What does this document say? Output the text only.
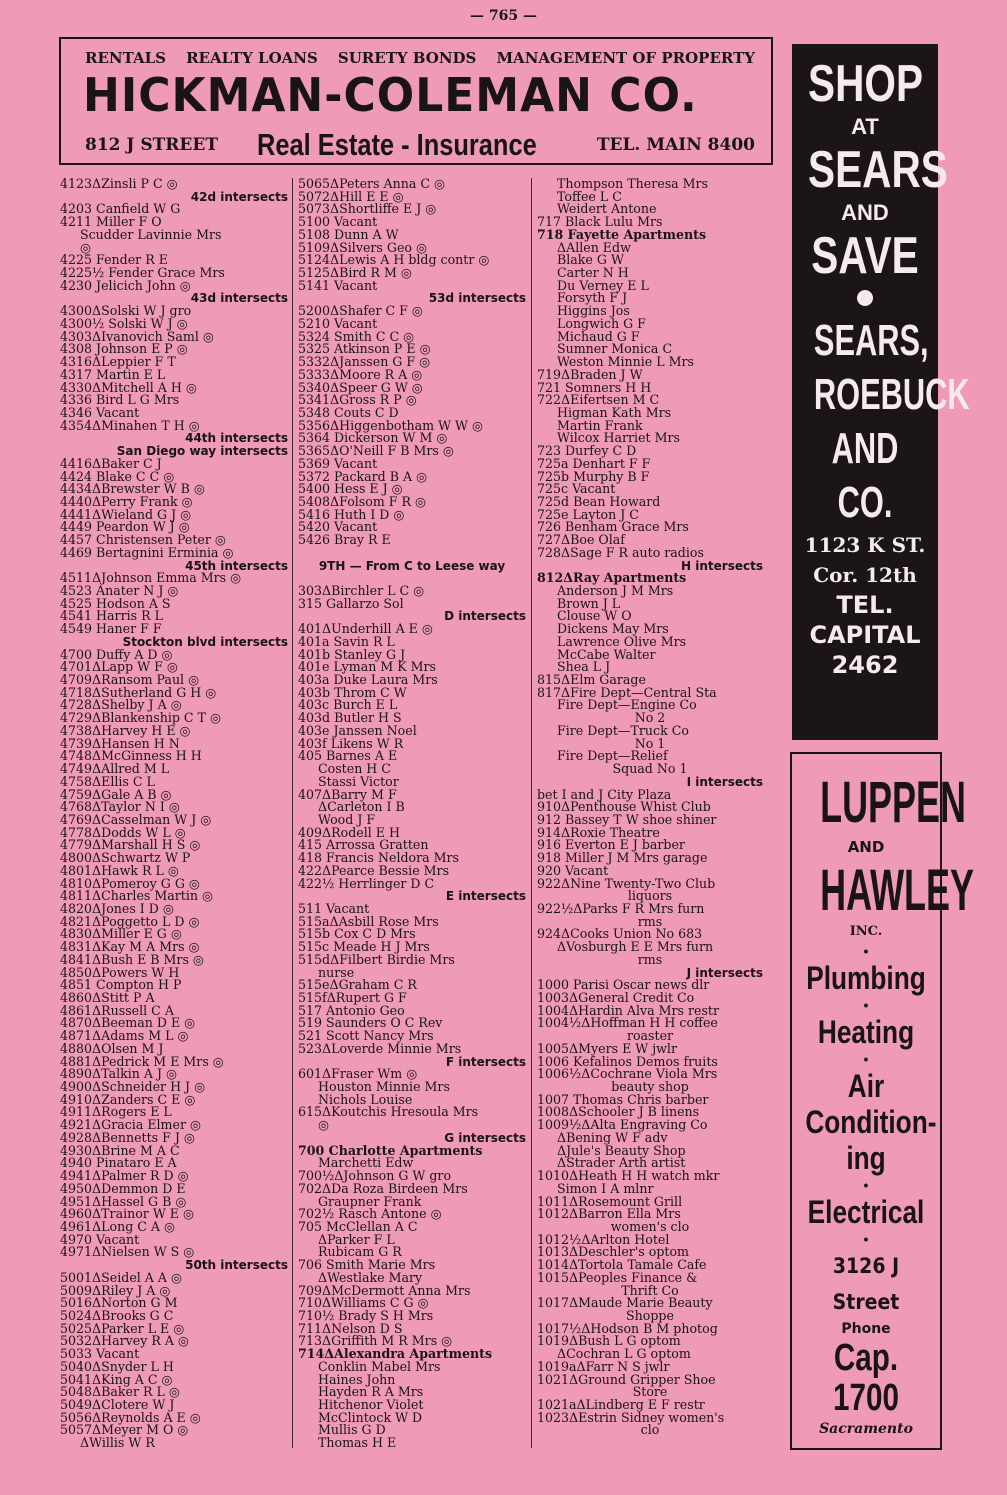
— 765 —
RENTALS REALTY LOANS SURETY BONDS MANAGEMENT OF PROPERTY
HICKMAN-COLEMAN CO.
812 J STREET Real Estate - Insurance	TEL. MAIN 8400
4123ΔZinsli P C ◎
42d intersects
4203 Canfield W G
4211 Miller F O
Scudder Lavinnie Mrs
◎
4225 Fender R E
4225½ Fender Grace Mrs
4230 Jelicich John ◎
43d intersects
4300ΔSolski W J gro
4300½ Solski W J ◎
4303ΔIvanovich Saml ◎
4308 Johnson E P ◎
4316ΔLeppier F T
4317 Martin E L
4330ΔMitchell A H ◎
4336 Bird L G Mrs
4346 Vacant
4354ΔMinahen T H ◎
44th intersects
San Diego way intersects
4416ΔBaker C J
4424 Blake C C ◎
4434ΔBrewster W B ◎
4440ΔPerry Frank ◎
4441ΔWieland G J ◎
4449 Peardon W J ◎
4457 Christensen Peter ◎
4469 Bertagnini Erminia ◎
45th intersects
4511ΔJohnson Emma Mrs ◎
4523 Anater N J ◎
4525 Hodson A S
4541 Harris R L
4549 Haner F F
Stockton blvd intersects
4700 Duffy A D ◎
4701ΔLapp W F ◎
4709ΔRansom Paul ◎
4718ΔSutherland G H ◎
4728ΔShelby J A ◎
4729ΔBlankenship C T ◎
4738ΔHarvey H E ◎
4739ΔHansen H N
4748ΔMcGinness H H
4749ΔAllred M L
4758ΔEllis C L
4759ΔGale A B ◎
4768ΔTaylor N I ◎
4769ΔCasselman W J ◎
4778ΔDodds W L ◎
4779ΔMarshall H S ◎
4800ΔSchwartz W P
4801ΔHawk R L ◎
4810ΔPomeroy G G ◎
4811ΔCharles Martin ◎
4820ΔJones I D ◎
4821ΔPoggetto L D ◎
4830ΔMiller E G ◎
4831ΔKay M A Mrs ◎
4841ΔBush E B Mrs ◎
4850ΔPowers W H
4851 Compton H P
4860ΔStitt P A
4861ΔRussell C A
4870ΔBeeman D E ◎
4871ΔAdams M L ◎
4880ΔOlsen M J
4881ΔPedrick M E Mrs ◎
4890ΔTalkin A J ◎
4900ΔSchneider H J ◎
4910ΔZanders C E ◎
4911ΔRogers E L
4921ΔGracia Elmer ◎
4928ΔBennetts F J ◎
4930ΔBrine M A C
4940 Pinataro E A
4941ΔPalmer R D ◎
4950ΔDemmon D E
4951ΔHassel G B ◎
4960ΔTrainor W E ◎
4961ΔLong C A ◎
4970 Vacant
4971ΔNielsen W S ◎
50th intersects
5001ΔSeidel A A ◎
5009ΔRiley J A ◎
5016ΔNorton G M
5024ΔBrooks G C
5025ΔParker L E ◎
5032ΔHarvey R A ◎
5033 Vacant
5040ΔSnyder L H
5041ΔKing A C ◎
5048ΔBaker R L ◎
5049ΔClotere W J
5056ΔReynolds A E ◎
5057ΔMeyer M O ◎
ΔWillis W R
5065ΔPeters Anna C ◎
5072ΔHill E E ◎
5073ΔShortliffe E J ◎
5100 Vacant
5108 Dunn A W
5109ΔSilvers Geo ◎
5124ΔLewis A H bldg contr ◎
5125ΔBird R M ◎
5141 Vacant
53d intersects
5200ΔShafer C F ◎
5210 Vacant
5324 Smith C C ◎
5325 Atkinson P E ◎
5332ΔJanssen G F ◎
5333ΔMoore R A ◎
5340ΔSpeer G W ◎
5341ΔGross R P ◎
5348 Couts C D
5356ΔHiggenbotham W W ◎
5364 Dickerson W M ◎
5365ΔO'Neill F B Mrs ◎
5369 Vacant
5372 Packard B A ◎
5400 Hess E J ◎
5408ΔFolsom F R ◎
5416 Huth I D ◎
5420 Vacant
5426 Bray R E
9TH — From C to Leese way
303ΔBirchler L C ◎
315 Gallarzo Sol
D intersects
401ΔUnderhill A E ◎
401a Savin R L
401b Stanley G J
401e Lyman M K Mrs
403a Duke Laura Mrs
403b Throm C W
403c Burch E L
403d Butler H S
403e Janssen Noel
403f Likens W R
405 Barnes A E
Costen H C
Stassi Victor
407ΔBarry M F
ΔCarleton I B
Wood J F
409ΔRodell E H
415 Arrossa Gratten
418 Francis Neldora Mrs
422ΔPearce Bessie Mrs
422½ Herrlinger D C
E intersects
511 Vacant
515aΔAsbill Rose Mrs
515b Cox C D Mrs
515c Meade H J Mrs
515dΔFilbert Birdie Mrs
nurse
515eΔGraham C R
515fΔRupert G F
517 Antonio Geo
519 Saunders O C Rev
521 Scott Nancy Mrs
523ΔLoverde Minnie Mrs
F intersects
601ΔFraser Wm ◎
Houston Minnie Mrs
Nichols Louise
615ΔKoutchis Hresoula Mrs
◎
G intersects
700 Charlotte Apartments
Marchetti Edw
700½ΔJohnson G W gro
702ΔDa Roza Birdeen Mrs
Graupner Frank
702½ Rasch Antone ◎
705 McClellan A C
ΔParker F L
Rubicam G R
706 Smith Marie Mrs
ΔWestlake Mary
709ΔMcDermott Anna Mrs
710ΔWilliams C G ◎
710½ Brady S H Mrs
711ΔNelson D S
713ΔGriffith M R Mrs ◎
714ΔAlexandra Apartments
Conklin Mabel Mrs
Haines John
Hayden R A Mrs
Hitchenor Violet
McClintock W D
Mullis G D
Thomas H E
Thompson Theresa Mrs
Toffee L C
Weidert Antone
717 Black Lulu Mrs
718 Fayette Apartments
ΔAllen Edw
Blake G W
Carter N H
Du Verney E L
Forsyth F J
Higgins Jos
Longwich G F
Michaud G F
Sumner Monica C
Weston Minnie L Mrs
719ΔBraden J W
721 Somners H H
722ΔEifertsen M C
Higman Kath Mrs
Martin Frank
Wilcox Harriet Mrs
723 Durfey C D
725a Denhart F F
725b Murphy B F
725c Vacant
725d Bean Howard
725e Layton J C
726 Benham Grace Mrs
727ΔBoe Olaf
728ΔSage F R auto radios
H intersects
812ΔRay Apartments
Anderson J M Mrs
Brown J L
Clouse W O
Dickens May Mrs
Lawrence Olive Mrs
McCabe Walter
Shea L J
815ΔElm Garage
817ΔFire Dept—Central Sta
Fire Dept—Engine Co
No 2
Fire Dept—Truck Co
No 1
Fire Dept—Relief
Squad No 1
I intersects
bet I and J City Plaza
910ΔPenthouse Whist Club
912 Bassey T W shoe shiner
914ΔRoxie Theatre
916 Everton E J barber
918 Miller J M Mrs garage
920 Vacant
922ΔNine Twenty-Two Club
liquors
922½ΔParks F R Mrs furn
rms
924ΔCooks Union No 683
ΔVosburgh E E Mrs furn
rms
J intersects
1000 Parisi Oscar news dlr
1003ΔGeneral Credit Co
1004ΔHardin Alva Mrs restr
1004½ΔHoffman H H coffee
roaster
1005ΔMyers E W jwlr
1006 Kefalinos Demos fruits
1006½ΔCochrane Viola Mrs
beauty shop
1007 Thomas Chris barber
1008ΔSchooler J B linens
1009½ΔAlta Engraving Co
ΔBening W F adv
ΔJule's Beauty Shop
ΔStrader Arth artist
1010ΔHeath H H watch mkr
Simon I A mlnr
1011ΔRosemount Grill
1012ΔBarron Ella Mrs
women's clo
1012½ΔArlton Hotel
1013ΔDeschler's optom
1014ΔTortola Tamale Cafe
1015ΔPeoples Finance &
Thrift Co
1017ΔMaude Marie Beauty
Shoppe
1017½ΔHodson B M photog
1019ΔBush L G optom
ΔCochran L G optom
1019aΔFarr N S jwlr
1021ΔGround Gripper Shoe
Store
1021aΔLindberg E F restr
1023ΔEstrin Sidney women's
clo
SHOP
AT
SEARS
AND
SAVE
SEARS,
ROEBUCK
AND CO.
1123 K ST.
Cor. 12th
TEL.
CAPITAL
2462
LUPPEN
AND
HAWLEY
INC.
•
Plumbing
•
Heating
•
Air
Condition-
ing
•
Electrical
•
3126 J Street
Phone
Cap. 1700
Sacramento
